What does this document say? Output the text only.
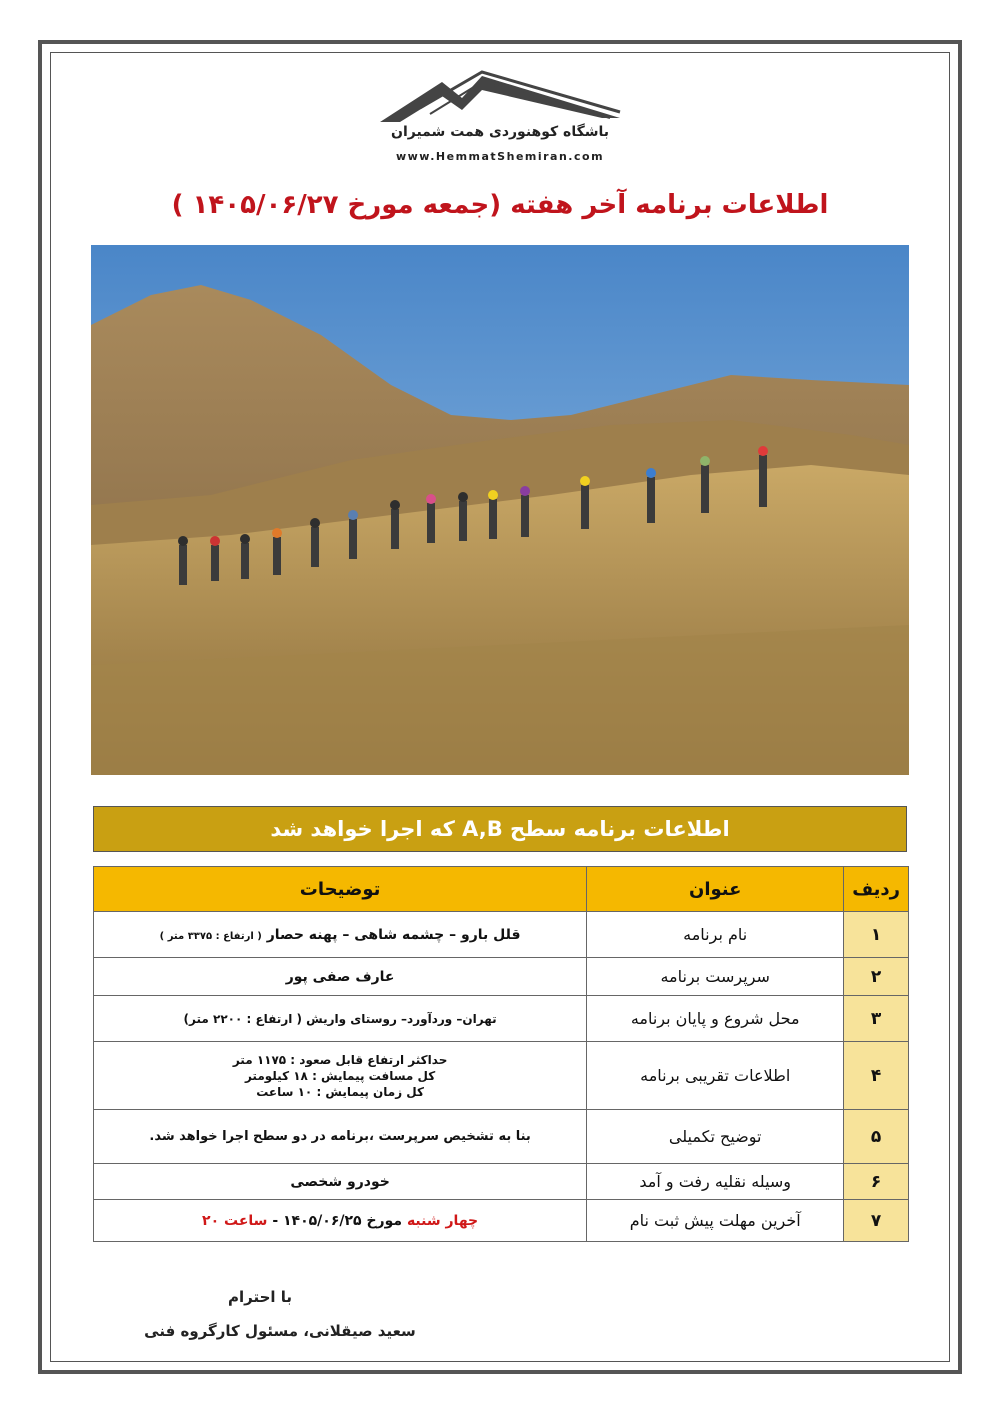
باشگاه کوهنوردی همت شمیران
www.HemmatShemiran.com
اطلاعات برنامه آخر هفته (جمعه مورخ ۱۴۰۵/۰۶/۲۷ )
اطلاعات برنامه سطح A,B که اجرا خواهد شد
ردیف	عنوان	توضیحات
۱	نام برنامه	قلل بارو – چشمه شاهی – پهنه حصار ( ارتفاع : ۳۳۷۵ متر )
۲	سرپرست برنامه	عارف صفی پور
۳	محل شروع و پایان برنامه	تهران– وردآورد– روستای واریش ( ارتفاع : ۲۲۰۰ متر)
۴	اطلاعات تقریبی برنامه	حداکثر ارتفاع قابل صعود : ۱۱۷۵ متر
کل مسافت پیمایش : ۱۸ کیلومتر
کل زمان پیمایش : ۱۰ ساعت

۵	توضیح تکمیلی	بنا به تشخیص سرپرست ،برنامه در دو سطح اجرا خواهد شد.
۶	وسیله نقلیه رفت و آمد	خودرو شخصی
۷	آخرین مهلت پیش ثبت نام	چهار شنبه مورخ ۱۴۰۵/۰۶/۲۵ - ساعت ۲۰
با احترام
سعید صیقلانی، مسئول کارگروه فنی
